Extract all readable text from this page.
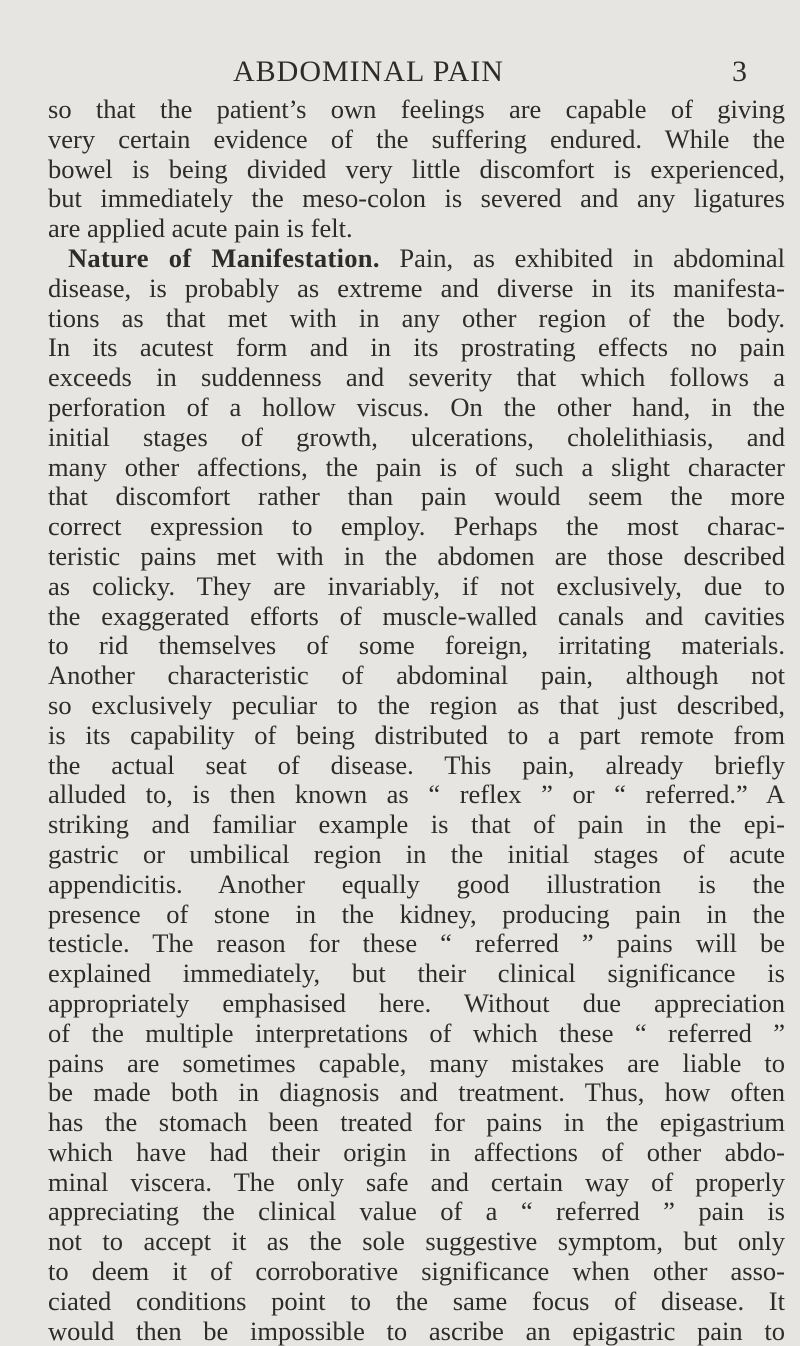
ABDOMINAL PAIN	3
so that the patient’s own feelings are capable of giving
very certain evidence of the suffering endured. While the
bowel is being divided very little discomfort is experienced,
but immediately the meso-colon is severed and any ligatures
are applied acute pain is felt.
Nature of Manifestation. Pain, as exhibited in abdominal
disease, is probably as extreme and diverse in its manifesta-
tions as that met with in any other region of the body.
In its acutest form and in its prostrating effects no pain
exceeds in suddenness and severity that which follows a
perforation of a hollow viscus. On the other hand, in the
initial stages of growth, ulcerations, cholelithiasis, and
many other affections, the pain is of such a slight character
that discomfort rather than pain would seem the more
correct expression to employ. Perhaps the most charac-
teristic pains met with in the abdomen are those described
as colicky. They are invariably, if not exclusively, due to
the exaggerated efforts of muscle-walled canals and cavities
to rid themselves of some foreign, irritating materials.
Another characteristic of abdominal pain, although not
so exclusively peculiar to the region as that just described,
is its capability of being distributed to a part remote from
the actual seat of disease. This pain, already briefly
alluded to, is then known as “ reflex ” or “ referred.” A
striking and familiar example is that of pain in the epi-
gastric or umbilical region in the initial stages of acute
appendicitis. Another equally good illustration is the
presence of stone in the kidney, producing pain in the
testicle. The reason for these “ referred ” pains will be
explained immediately, but their clinical significance is
appropriately emphasised here. Without due appreciation
of the multiple interpretations of which these “ referred ”
pains are sometimes capable, many mistakes are liable to
be made both in diagnosis and treatment. Thus, how often
has the stomach been treated for pains in the epigastrium
which have had their origin in affections of other abdo-
minal viscera. The only safe and certain way of properly
appreciating the clinical value of a “ referred ” pain is
not to accept it as the sole suggestive symptom, but only
to deem it of corroborative significance when other asso-
ciated conditions point to the same focus of disease. It
would then be impossible to ascribe an epigastric pain to
